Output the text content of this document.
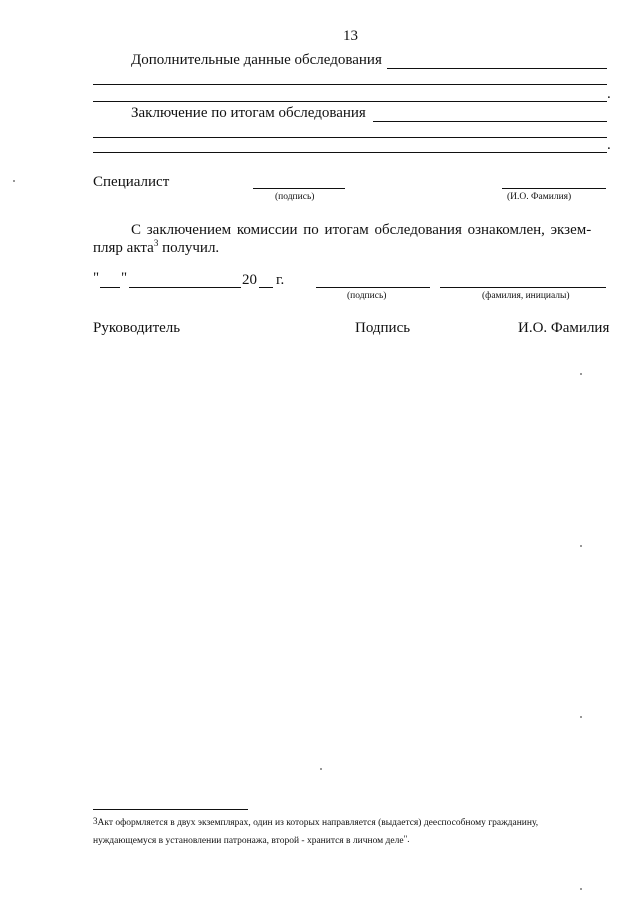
13
Дополнительные данные обследования
.
Заключение по итогам обследования
.
Специалист
(подпись)	(И.О. Фамилия)
С заключением комиссии по итогам обследования ознакомлен, экзем-
пляр акта$^3$ получил.
" "	20 г.
(подпись)	(фамилия, инициалы)
Руководитель	Подпись	И.О. Фамилия
$^3$Акт оформляется в двух экземплярах, один из которых направляется (выдается) дееспособному гражданину,
нуждающемуся в установлении патронажа, второй - хранится в личном деле".
